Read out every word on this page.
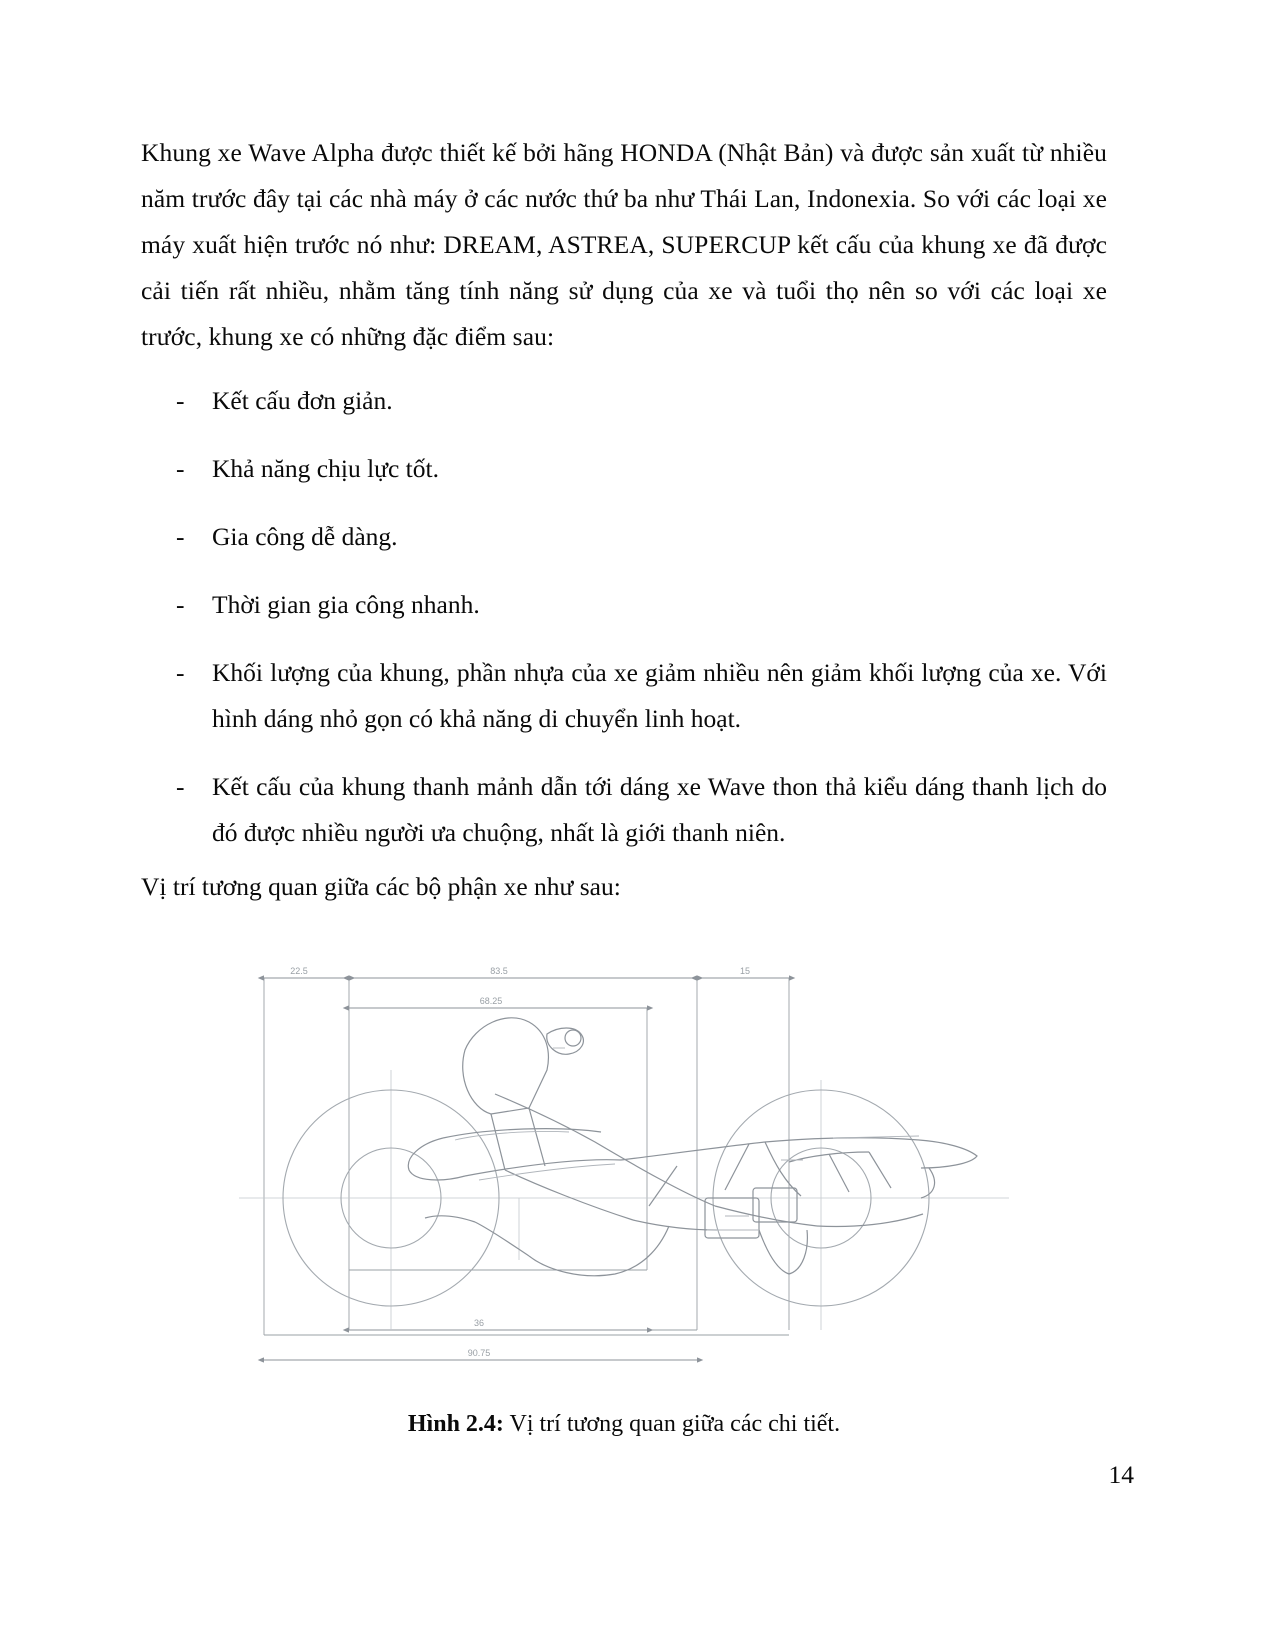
Khung xe Wave Alpha được thiết kế bởi hãng HONDA (Nhật Bản) và được sản xuất từ nhiều năm trước đây tại các nhà máy ở các nước thứ ba như Thái Lan, Indonexia. So với các loại xe máy xuất hiện trước nó như: DREAM, ASTREA, SUPERCUP kết cấu của khung xe đã được cải tiến rất nhiều, nhằm tăng tính năng sử dụng của xe và tuổi thọ nên so với các loại xe trước, khung xe có những đặc điểm sau:

- Kết cấu đơn giản.
- Khả năng chịu lực tốt.
- Gia công dễ dàng.
- Thời gian gia công nhanh.
- Khối lượng của khung, phần nhựa của xe giảm nhiều nên giảm khối lượng của xe. Với hình dáng nhỏ gọn có khả năng di chuyển linh hoạt.
- Kết cấu của khung thanh mảnh dẫn tới dáng xe Wave thon thả kiểu dáng thanh lịch do đó được nhiều người ưa chuộng, nhất là giới thanh niên.

Vị trí tương quan giữa các bộ phận xe như sau:

22.5	83.5	15
68.25
36
90.75
Hình 2.4: Vị trí tương quan giữa các chi tiết.
14
